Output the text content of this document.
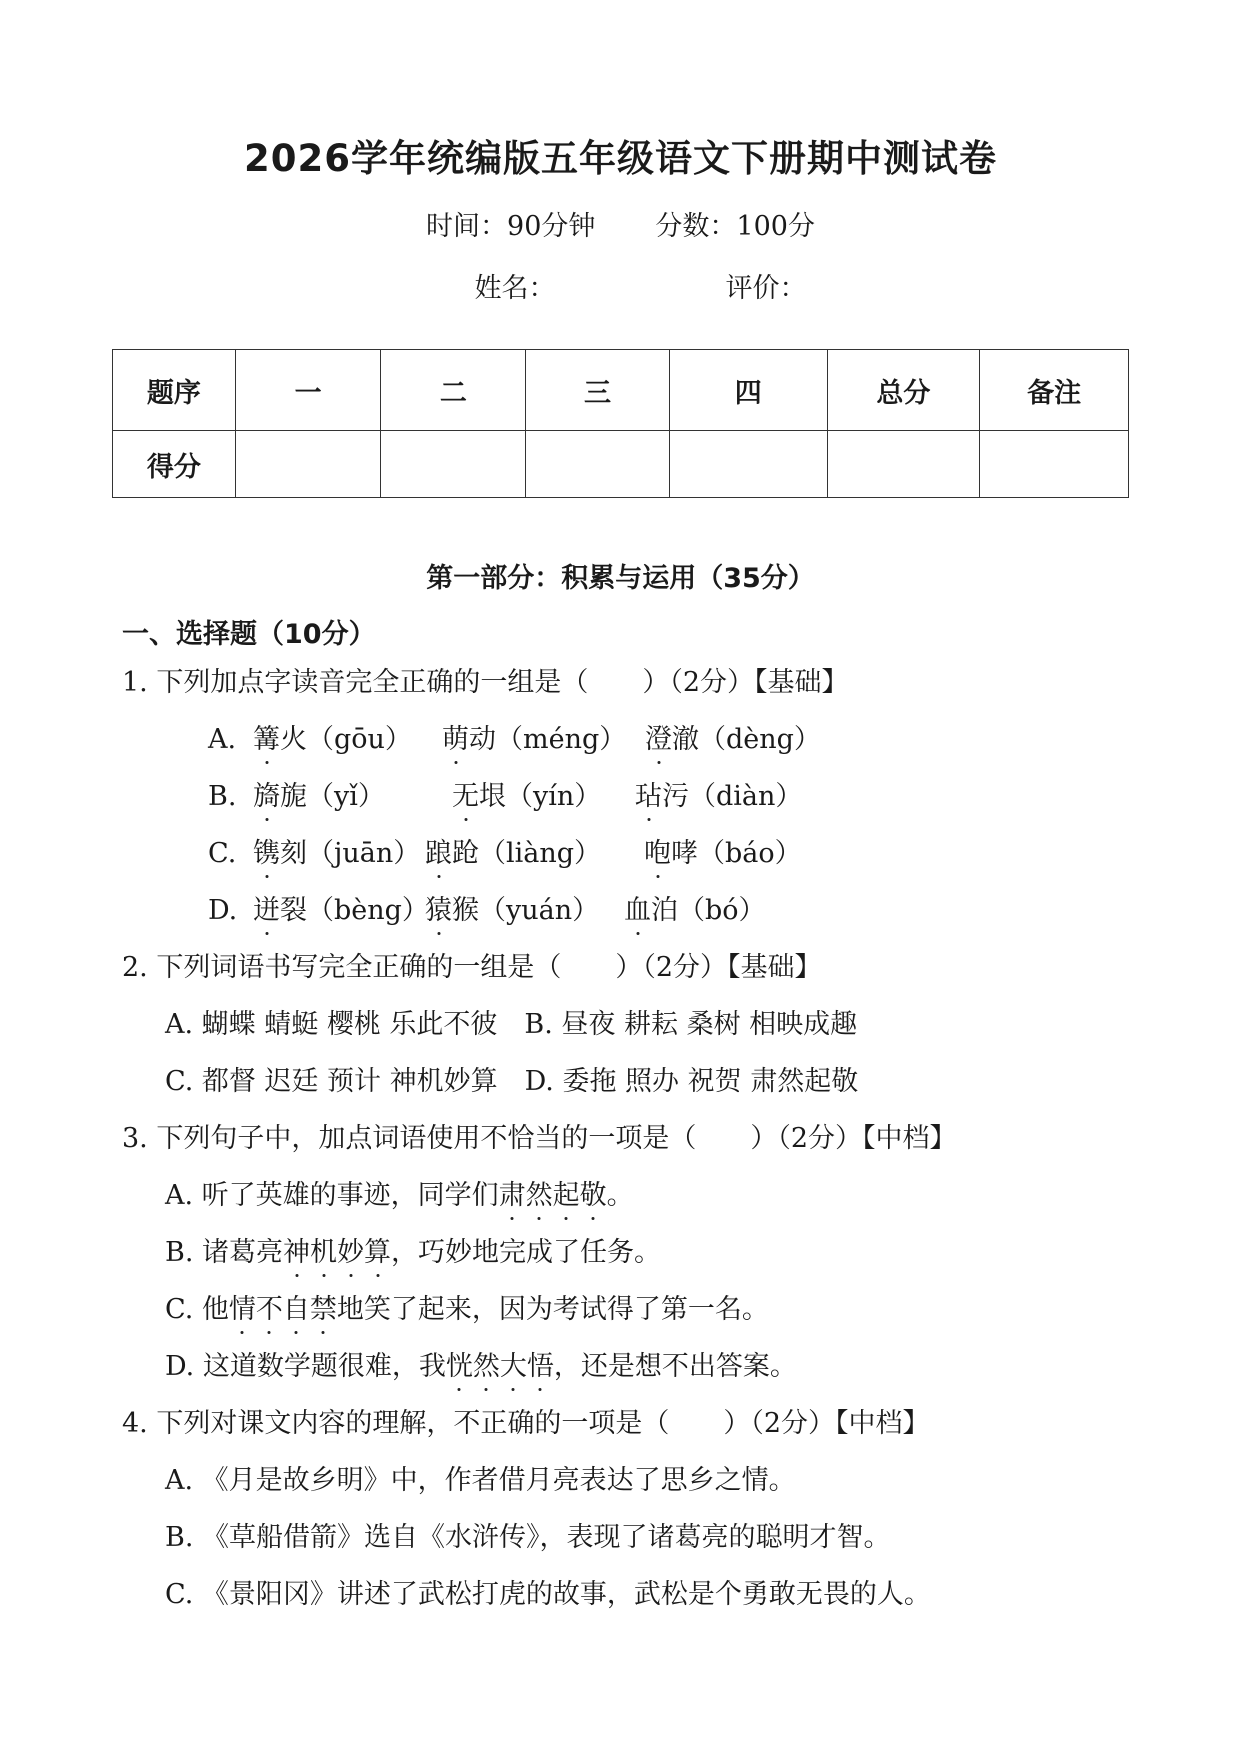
2026学年统编版五年级语文下册期中测试卷
时间：90分钟 分数：100分
姓名：	评价：
题序	一	二	三	四	总分	备注
得分						
第一部分：积累与运用（35分）
一、选择题（10分）
1. 下列加点字读音完全正确的一组是（　　）（2分）【基础】
A. 篝火（gōu） 萌动（méng） 澄澈（dèng）
B. 旖旎（yǐ） 无垠（yín） 玷污（diàn）
C. 镌刻（juān） 踉跄（liàng） 咆哮（báo）
D. 迸裂（bèng）猿猴（yuán） 血泊（bó）
2. 下列词语书写完全正确的一组是（　　）（2分）【基础】
A. 蝴蝶 蜻蜓 樱桃 乐此不彼　B. 昼夜 耕耘 桑树 相映成趣
C. 都督 迟廷 预计 神机妙算　D. 委拖 照办 祝贺 肃然起敬
3. 下列句子中，加点词语使用不恰当的一项是（　　）（2分）【中档】
A. 听了英雄的事迹，同学们肃然起敬。
B. 诸葛亮神机妙算，巧妙地完成了任务。
C. 他情不自禁地笑了起来，因为考试得了第一名。
D. 这道数学题很难，我恍然大悟，还是想不出答案。
4. 下列对课文内容的理解，不正确的一项是（　　）（2分）【中档】
A. 《月是故乡明》中，作者借月亮表达了思乡之情。
B. 《草船借箭》选自《水浒传》，表现了诸葛亮的聪明才智。
C. 《景阳冈》讲述了武松打虎的故事，武松是个勇敢无畏的人。
